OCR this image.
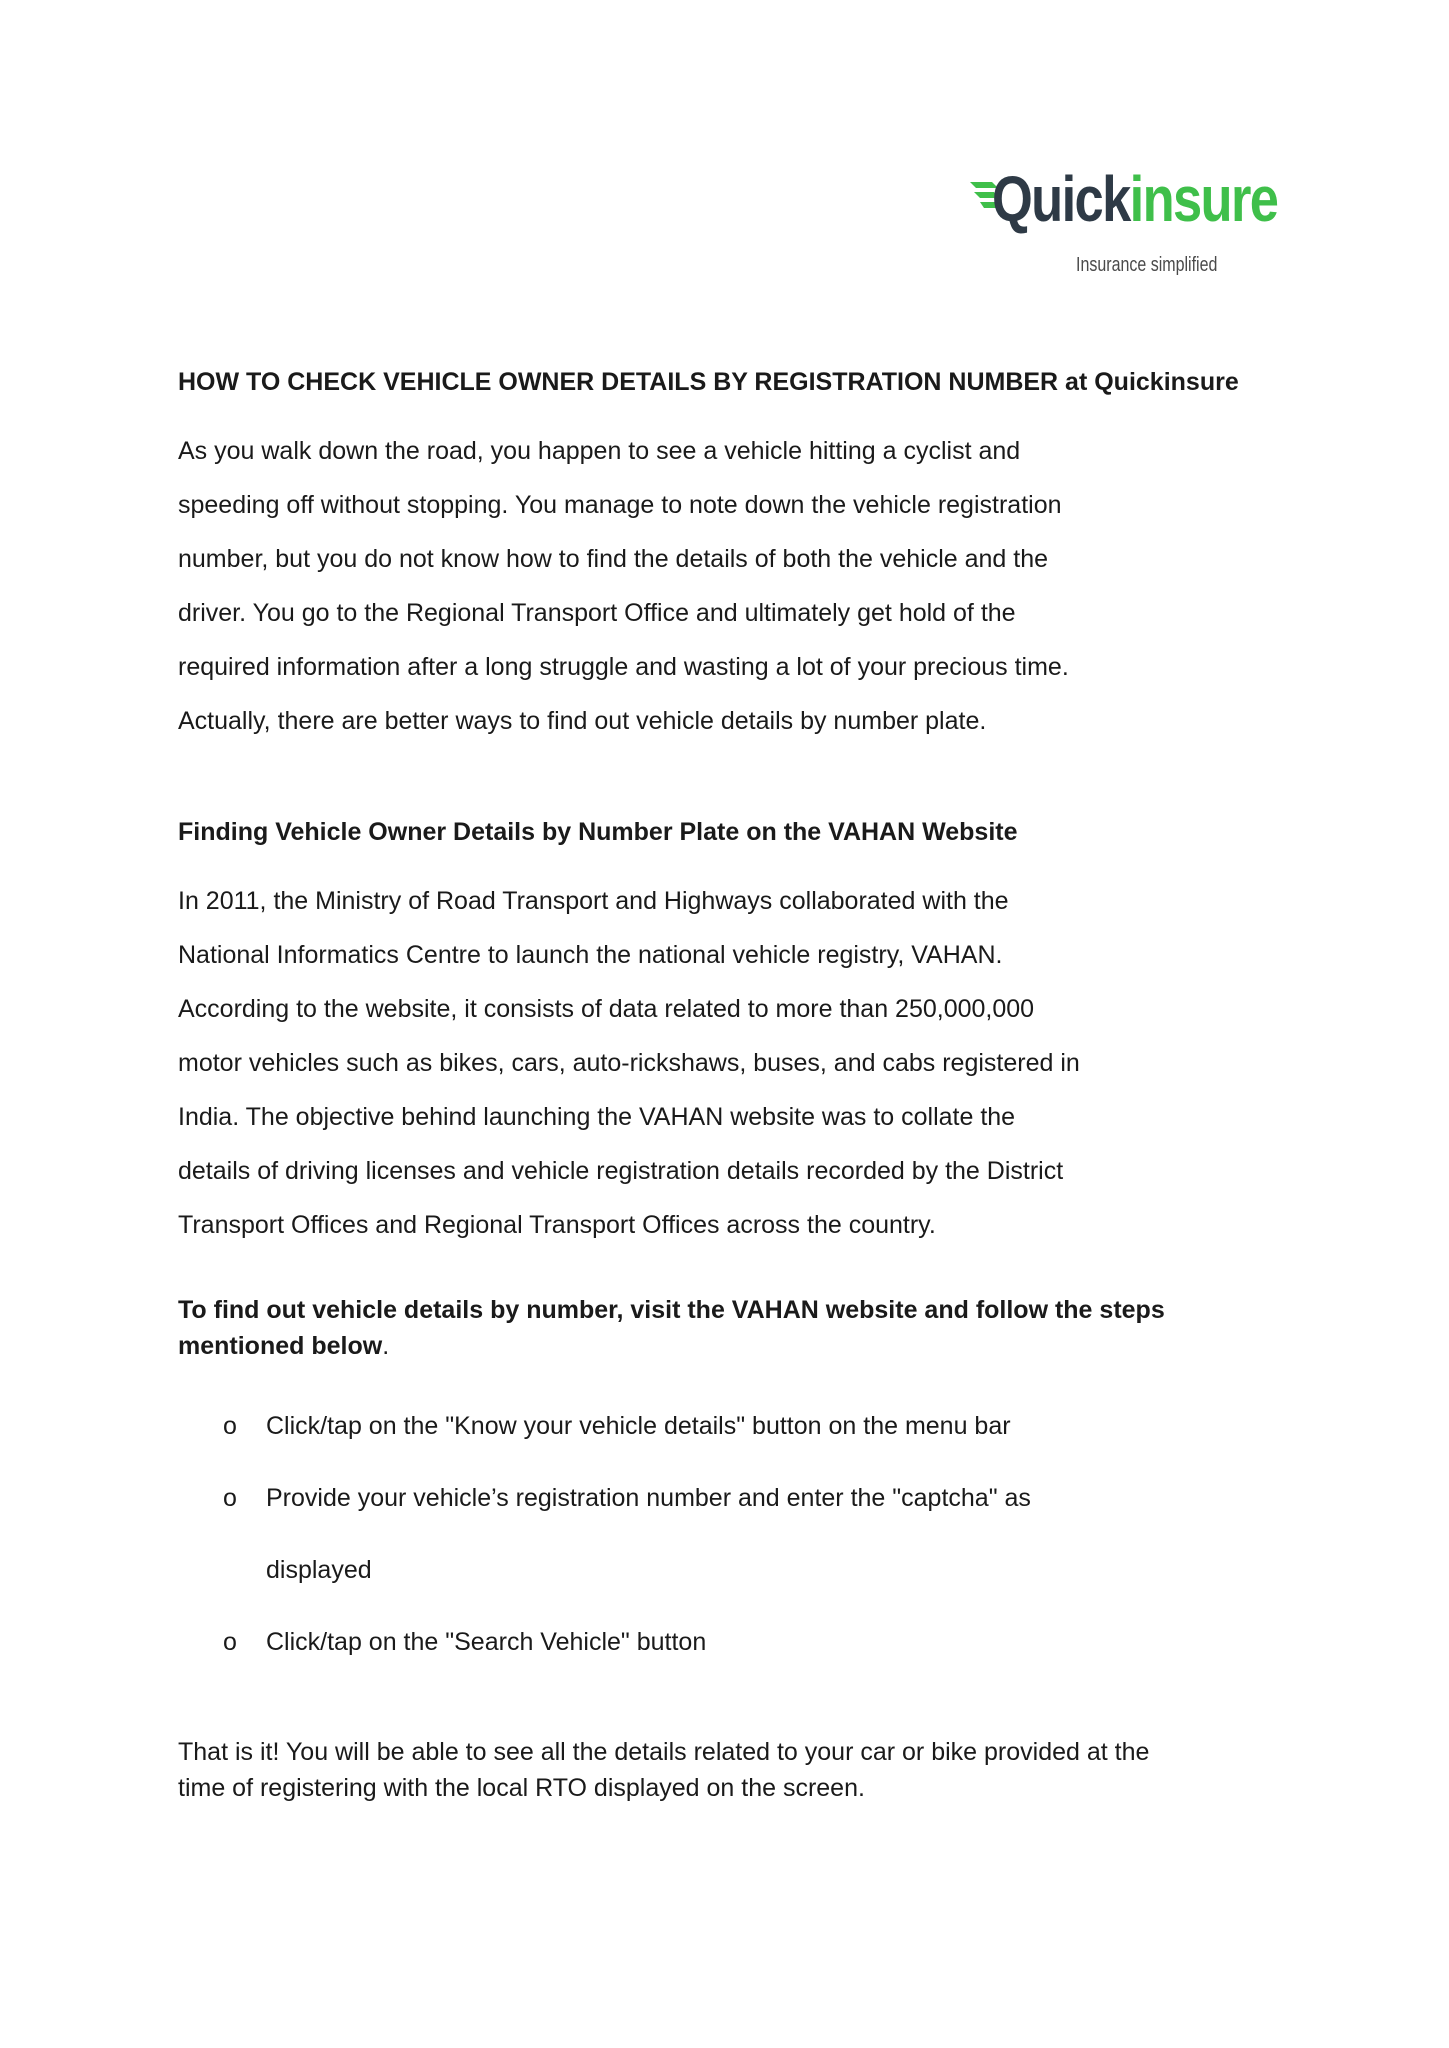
Quickinsure
Insurance simplified
HOW TO CHECK VEHICLE OWNER DETAILS BY REGISTRATION NUMBER at Quickinsure

As you walk down the road, you happen to see a vehicle hitting a cyclist and

speeding off without stopping. You manage to note down the vehicle registration

number, but you do not know how to find the details of both the vehicle and the

driver. You go to the Regional Transport Office and ultimately get hold of the

required information after a long struggle and wasting a lot of your precious time.

Actually, there are better ways to find out vehicle details by number plate.

Finding Vehicle Owner Details by Number Plate on the VAHAN Website

In 2011, the Ministry of Road Transport and Highways collaborated with the

National Informatics Centre to launch the national vehicle registry, VAHAN.

According to the website, it consists of data related to more than 250,000,000

motor vehicles such as bikes, cars, auto-rickshaws, buses, and cabs registered in

India. The objective behind launching the VAHAN website was to collate the

details of driving licenses and vehicle registration details recorded by the District

Transport Offices and Regional Transport Offices across the country.

To find out vehicle details by number, visit the VAHAN website and follow the steps mentioned below.
o Click/tap on the "Know your vehicle details" button on the menu bar
o Provide your vehicle’s registration number and enter the "captcha" as
displayed
o Click/tap on the "Search Vehicle" button

That is it! You will be able to see all the details related to your car or bike provided at the time of registering with the local RTO displayed on the screen.
